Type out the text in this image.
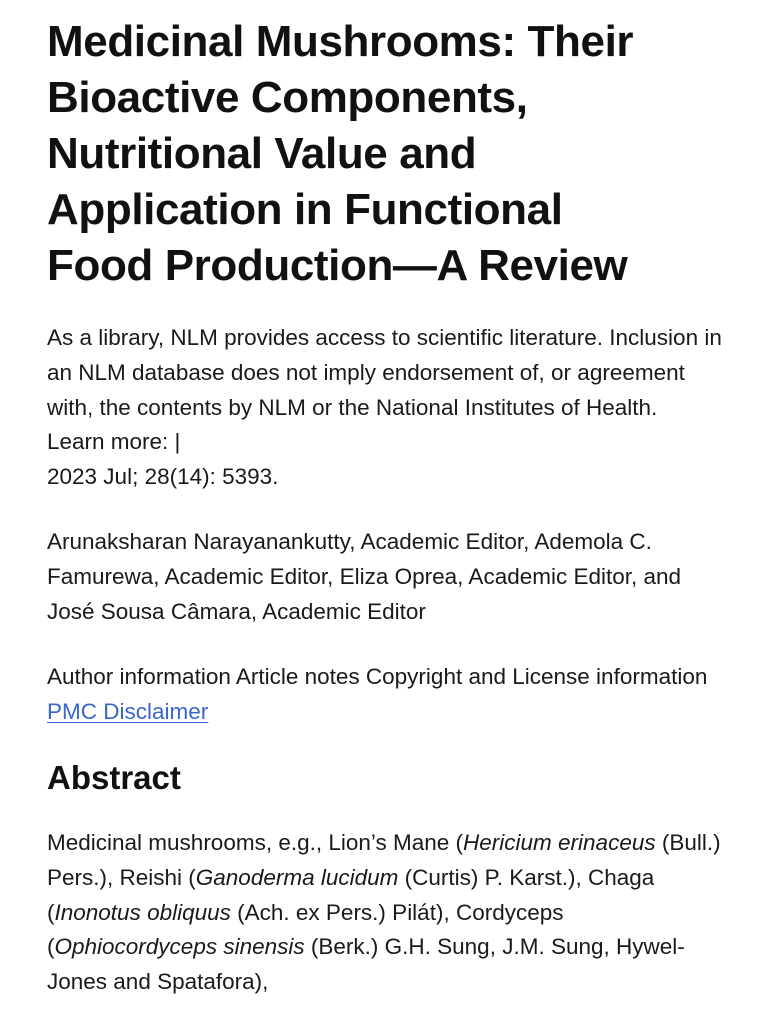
Medicinal Mushrooms: Their
Bioactive Components,
Nutritional Value and
Application in Functional
Food Production—A Review

As a library, NLM provides access to scientific literature. Inclusion in an NLM database does not imply endorsement of, or agreement with, the contents by NLM or the National Institutes of Health.
Learn more: |
2023 Jul; 28(14): 5393.

Arunaksharan Narayanankutty, Academic Editor, Ademola C. Famurewa, Academic Editor, Eliza Oprea, Academic Editor, and José Sousa Câmara, Academic Editor

Author information Article notes Copyright and License information PMC Disclaimer

Abstract

Medicinal mushrooms, e.g., Lion’s Mane (Hericium erinaceus (Bull.) Pers.), Reishi (Ganoderma lucidum (Curtis) P. Karst.), Chaga (Inonotus obliquus (Ach. ex Pers.) Pilát), Cordyceps (Ophiocordyceps sinensis (Berk.) G.H. Sung, J.M. Sung, Hywel-Jones and Spatafora),
